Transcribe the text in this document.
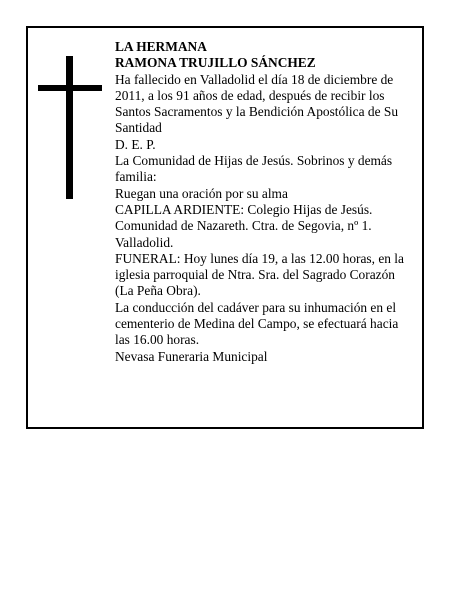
LA HERMANA

RAMONA TRUJILLO SÁNCHEZ

Ha fallecido en Valladolid el día 18 de diciembre de 2011, a los 91 años de edad, después de recibir los Santos Sacramentos y la Bendición Apostólica de Su Santidad

D. E. P.

La Comunidad de Hijas de Jesús. Sobrinos y demás familia:

Ruegan una oración por su alma

CAPILLA ARDIENTE: Colegio Hijas de Jesús. Comunidad de Nazareth. Ctra. de Segovia, nº 1. Valladolid.

FUNERAL: Hoy lunes día 19, a las 12.00 horas, en la iglesia parroquial de Ntra. Sra. del Sagrado Corazón (La Peña Obra).

La conducción del cadáver para su inhumación en el cementerio de Medina del Campo, se efectuará hacia las 16.00 horas.

Nevasa Funeraria Municipal
